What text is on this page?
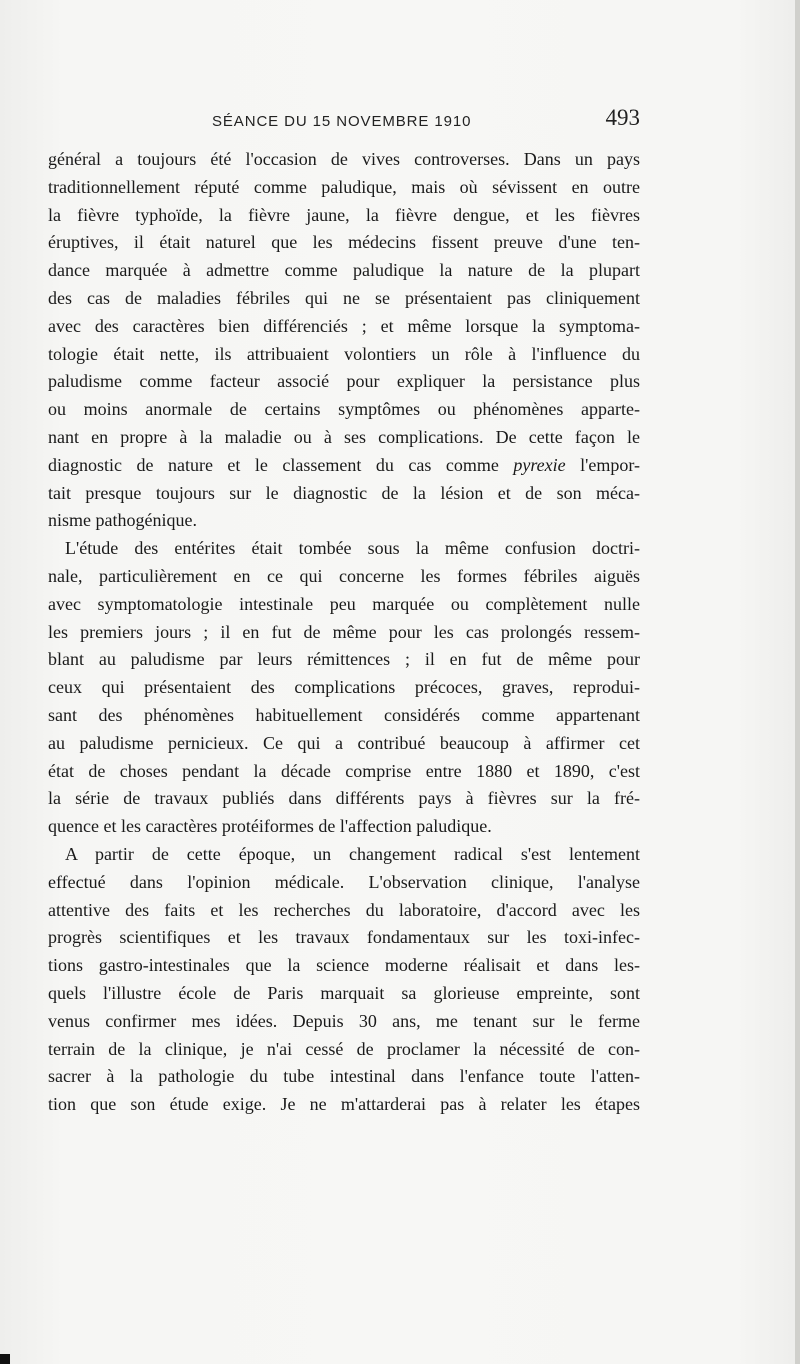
SÉANCE DU 15 NOVEMBRE 1910	493
général a toujours été l'occasion de vives controverses. Dans un pays
traditionnellement réputé comme paludique, mais où sévissent en outre
la fièvre typhoïde, la fièvre jaune, la fièvre dengue, et les fièvres
éruptives, il était naturel que les médecins fissent preuve d'une ten-
dance marquée à admettre comme paludique la nature de la plupart
des cas de maladies fébriles qui ne se présentaient pas cliniquement
avec des caractères bien différenciés ; et même lorsque la symptoma-
tologie était nette, ils attribuaient volontiers un rôle à l'influence du
paludisme comme facteur associé pour expliquer la persistance plus
ou moins anormale de certains symptômes ou phénomènes apparte-
nant en propre à la maladie ou à ses complications. De cette façon le
diagnostic de nature et le classement du cas comme pyrexie l'empor-
tait presque toujours sur le diagnostic de la lésion et de son méca-
nisme pathogénique.
L'étude des entérites était tombée sous la même confusion doctri-
nale, particulièrement en ce qui concerne les formes fébriles aiguës
avec symptomatologie intestinale peu marquée ou complètement nulle
les premiers jours ; il en fut de même pour les cas prolongés ressem-
blant au paludisme par leurs rémittences ; il en fut de même pour
ceux qui présentaient des complications précoces, graves, reprodui-
sant des phénomènes habituellement considérés comme appartenant
au paludisme pernicieux. Ce qui a contribué beaucoup à affirmer cet
état de choses pendant la décade comprise entre 1880 et 1890, c'est
la série de travaux publiés dans différents pays à fièvres sur la fré-
quence et les caractères protéiformes de l'affection paludique.
A partir de cette époque, un changement radical s'est lentement
effectué dans l'opinion médicale. L'observation clinique, l'analyse
attentive des faits et les recherches du laboratoire, d'accord avec les
progrès scientifiques et les travaux fondamentaux sur les toxi-infec-
tions gastro-intestinales que la science moderne réalisait et dans les-
quels l'illustre école de Paris marquait sa glorieuse empreinte, sont
venus confirmer mes idées. Depuis 30 ans, me tenant sur le ferme
terrain de la clinique, je n'ai cessé de proclamer la nécessité de con-
sacrer à la pathologie du tube intestinal dans l'enfance toute l'atten-
tion que son étude exige. Je ne m'attarderai pas à relater les étapes
